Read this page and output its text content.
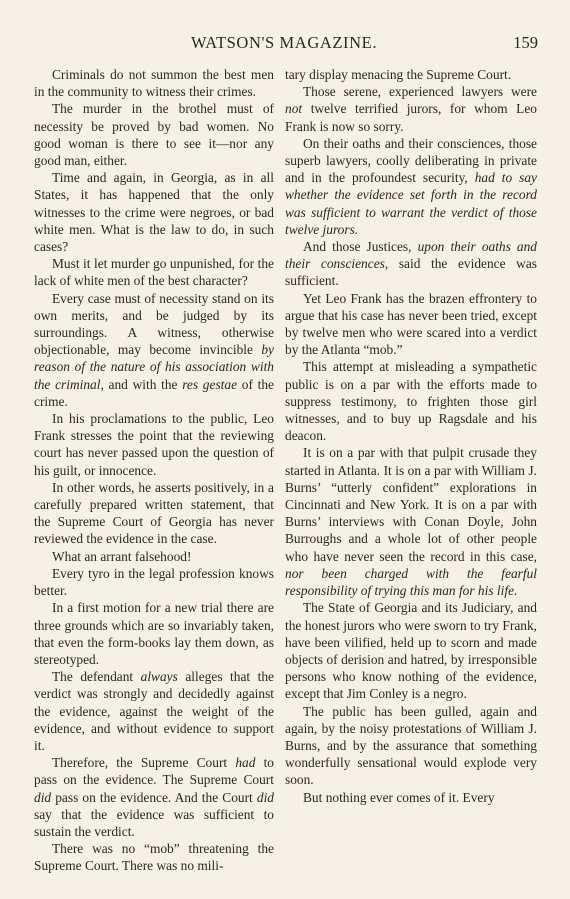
WATSON'S MAGAZINE.	159

Criminals do not summon the best men in the community to witness their crimes.

The murder in the brothel must of necessity be proved by bad women. No good woman is there to see it—nor any good man, either.

Time and again, in Georgia, as in all States, it has happened that the only witnesses to the crime were negroes, or bad white men. What is the law to do, in such cases?

Must it let murder go unpunished, for the lack of white men of the best character?

Every case must of necessity stand on its own merits, and be judged by its surroundings. A witness, otherwise objectionable, may become invincible by reason of the nature of his association with the criminal, and with the res gestae of the crime.

In his proclamations to the public, Leo Frank stresses the point that the reviewing court has never passed upon the question of his guilt, or innocence.

In other words, he asserts positively, in a carefully prepared written statement, that the Supreme Court of Georgia has never reviewed the evidence in the case.

What an arrant falsehood!

Every tyro in the legal profession knows better.

In a first motion for a new trial there are three grounds which are so invariably taken, that even the form-books lay them down, as stereotyped.

The defendant always alleges that the verdict was strongly and decidedly against the evidence, against the weight of the evidence, and without evidence to support it.

Therefore, the Supreme Court had to pass on the evidence. The Supreme Court did pass on the evidence. And the Court did say that the evidence was sufficient to sustain the verdict.

There was no “mob” threatening the Supreme Court. There was no mili-

tary display menacing the Supreme Court.

Those serene, experienced lawyers were not twelve terrified jurors, for whom Leo Frank is now so sorry.

On their oaths and their consciences, those superb lawyers, coolly deliberating in private and in the profoundest security, had to say whether the evidence set forth in the record was sufficient to warrant the verdict of those twelve jurors.

And those Justices, upon their oaths and their consciences, said the evidence was sufficient.

Yet Leo Frank has the brazen effrontery to argue that his case has never been tried, except by twelve men who were scared into a verdict by the Atlanta “mob.”

This attempt at misleading a sympathetic public is on a par with the efforts made to suppress testimony, to frighten those girl witnesses, and to buy up Ragsdale and his deacon.

It is on a par with that pulpit crusade they started in Atlanta. It is on a par with William J. Burns’ “utterly confident” explorations in Cincinnati and New York. It is on a par with Burns’ interviews with Conan Doyle, John Burroughs and a whole lot of other people who have never seen the record in this case, nor been charged with the fearful responsibility of trying this man for his life.

The State of Georgia and its Judiciary, and the honest jurors who were sworn to try Frank, have been vilified, held up to scorn and made objects of derision and hatred, by irresponsible persons who know nothing of the evidence, except that Jim Conley is a negro.

The public has been gulled, again and again, by the noisy protestations of William J. Burns, and by the assurance that something wonderfully sensational would explode very soon.

But nothing ever comes of it. Every
